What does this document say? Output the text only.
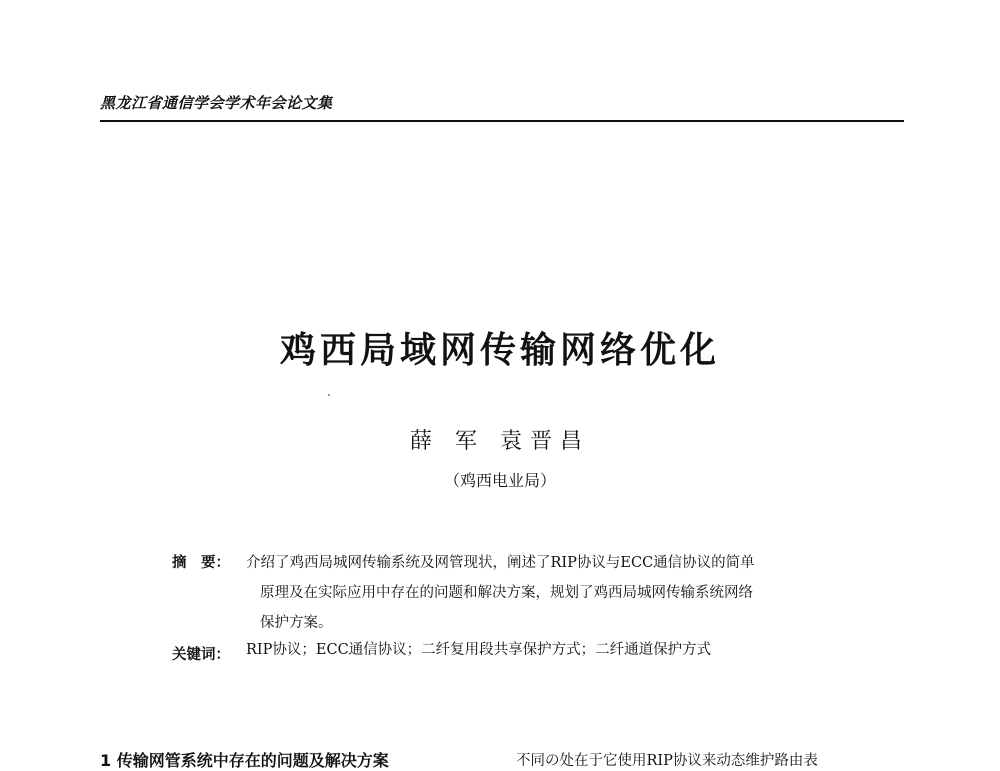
黑龙江省通信学会学术年会论文集
鸡西局域网传输网络优化
薛 军 袁晋昌
（鸡西电业局）
摘　要： 介绍了鸡西局城网传输系统及网管现状，阐述了RIP协议与ECC通信协议的简单
原理及在实际应用中存在的问题和解决方案，规划了鸡西局城网传输系统网络
保护方案。
关键词： RIP协议；ECC通信协议；二纤复用段共享保护方式；二纤通道保护方式
1 传输网管系统中存在的问题及解决方案	不同の处在于它使用RIP协议来动态维护路由表
